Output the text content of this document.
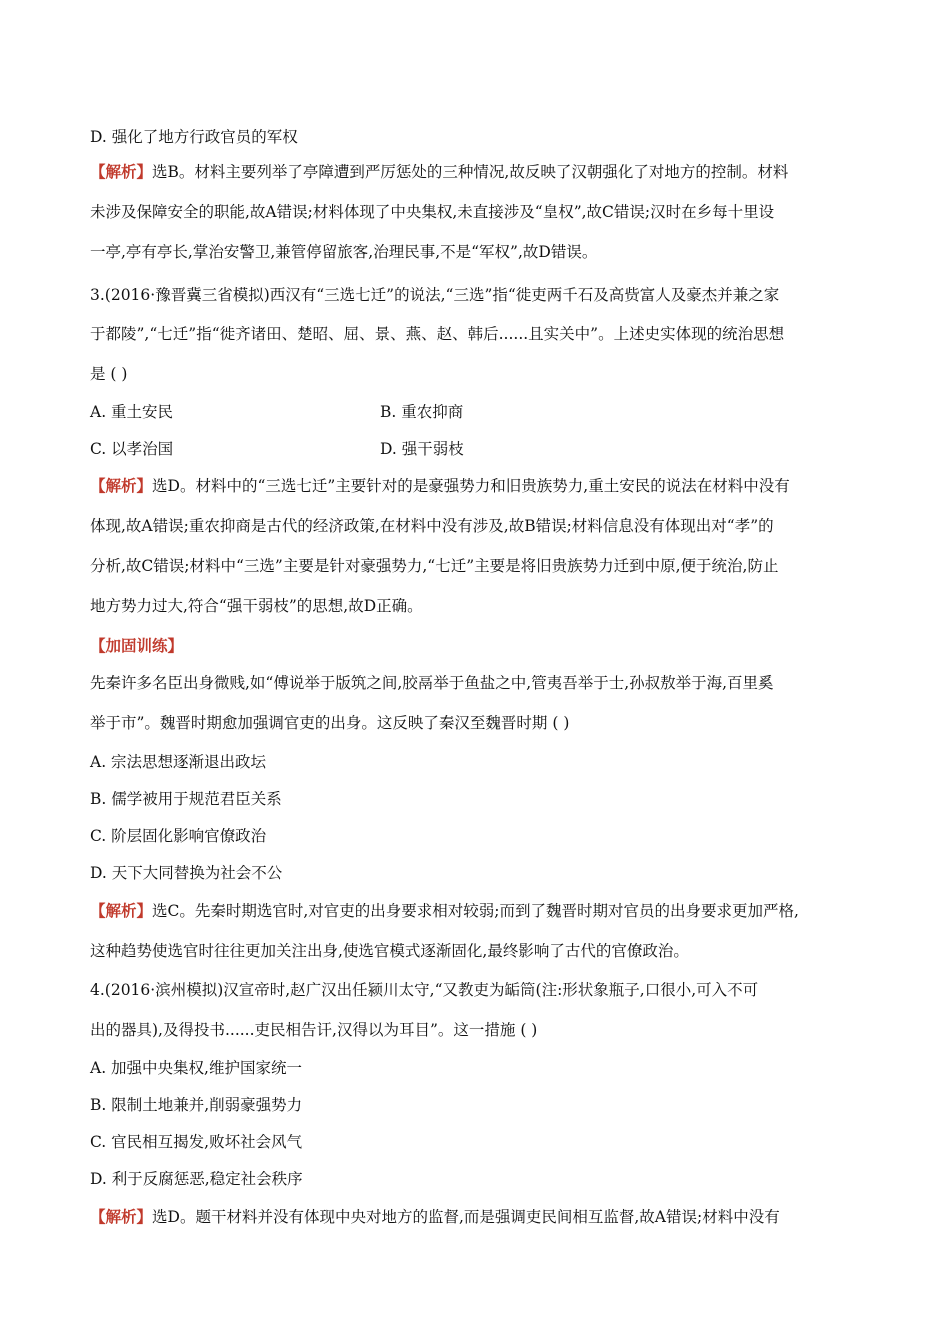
D. 强化了地方行政官员的军权
【解析】选B。材料主要列举了亭障遭到严厉惩处的三种情况,故反映了汉朝强化了对地方的控制。材料
未涉及保障安全的职能,故A错误;材料体现了中央集权,未直接涉及“皇权”,故C错误;汉时在乡每十里设
一亭,亭有亭长,掌治安警卫,兼管停留旅客,治理民事,不是“军权”,故D错误。
3.(2016·豫晋冀三省模拟)西汉有“三选七迁”的说法,“三选”指“徙吏两千石及高赀富人及豪杰并兼之家
于都陵”,“七迁”指“徙齐诸田、楚昭、屈、景、燕、赵、韩后......且实关中”。上述史实体现的统治思想
是 ( )
A. 重土安民	B. 重农抑商
C. 以孝治国	D. 强干弱枝
【解析】选D。材料中的“三选七迁”主要针对的是豪强势力和旧贵族势力,重土安民的说法在材料中没有
体现,故A错误;重农抑商是古代的经济政策,在材料中没有涉及,故B错误;材料信息没有体现出对“孝”的
分析,故C错误;材料中“三选”主要是针对豪强势力,“七迁”主要是将旧贵族势力迁到中原,便于统治,防止
地方势力过大,符合“强干弱枝”的思想,故D正确。
【加固训练】
先秦许多名臣出身微贱,如“傅说举于版筑之间,胶鬲举于鱼盐之中,管夷吾举于士,孙叔敖举于海,百里奚
举于市”。魏晋时期愈加强调官吏的出身。这反映了秦汉至魏晋时期 ( )
A. 宗法思想逐渐退出政坛
B. 儒学被用于规范君臣关系
C. 阶层固化影响官僚政治
D. 天下大同替换为社会不公
【解析】选C。先秦时期选官时,对官吏的出身要求相对较弱;而到了魏晋时期对官员的出身要求更加严格,
这种趋势使选官时往往更加关注出身,使选官模式逐渐固化,最终影响了古代的官僚政治。
4.(2016·滨州模拟)汉宣帝时,赵广汉出任颍川太守,“又教吏为缿筒(注:形状象瓶子,口很小,可入不可
出的器具),及得投书......吏民相告讦,汉得以为耳目”。这一措施 ( )
A. 加强中央集权,维护国家统一
B. 限制土地兼并,削弱豪强势力
C. 官民相互揭发,败坏社会风气
D. 利于反腐惩恶,稳定社会秩序
【解析】选D。题干材料并没有体现中央对地方的监督,而是强调吏民间相互监督,故A错误;材料中没有
